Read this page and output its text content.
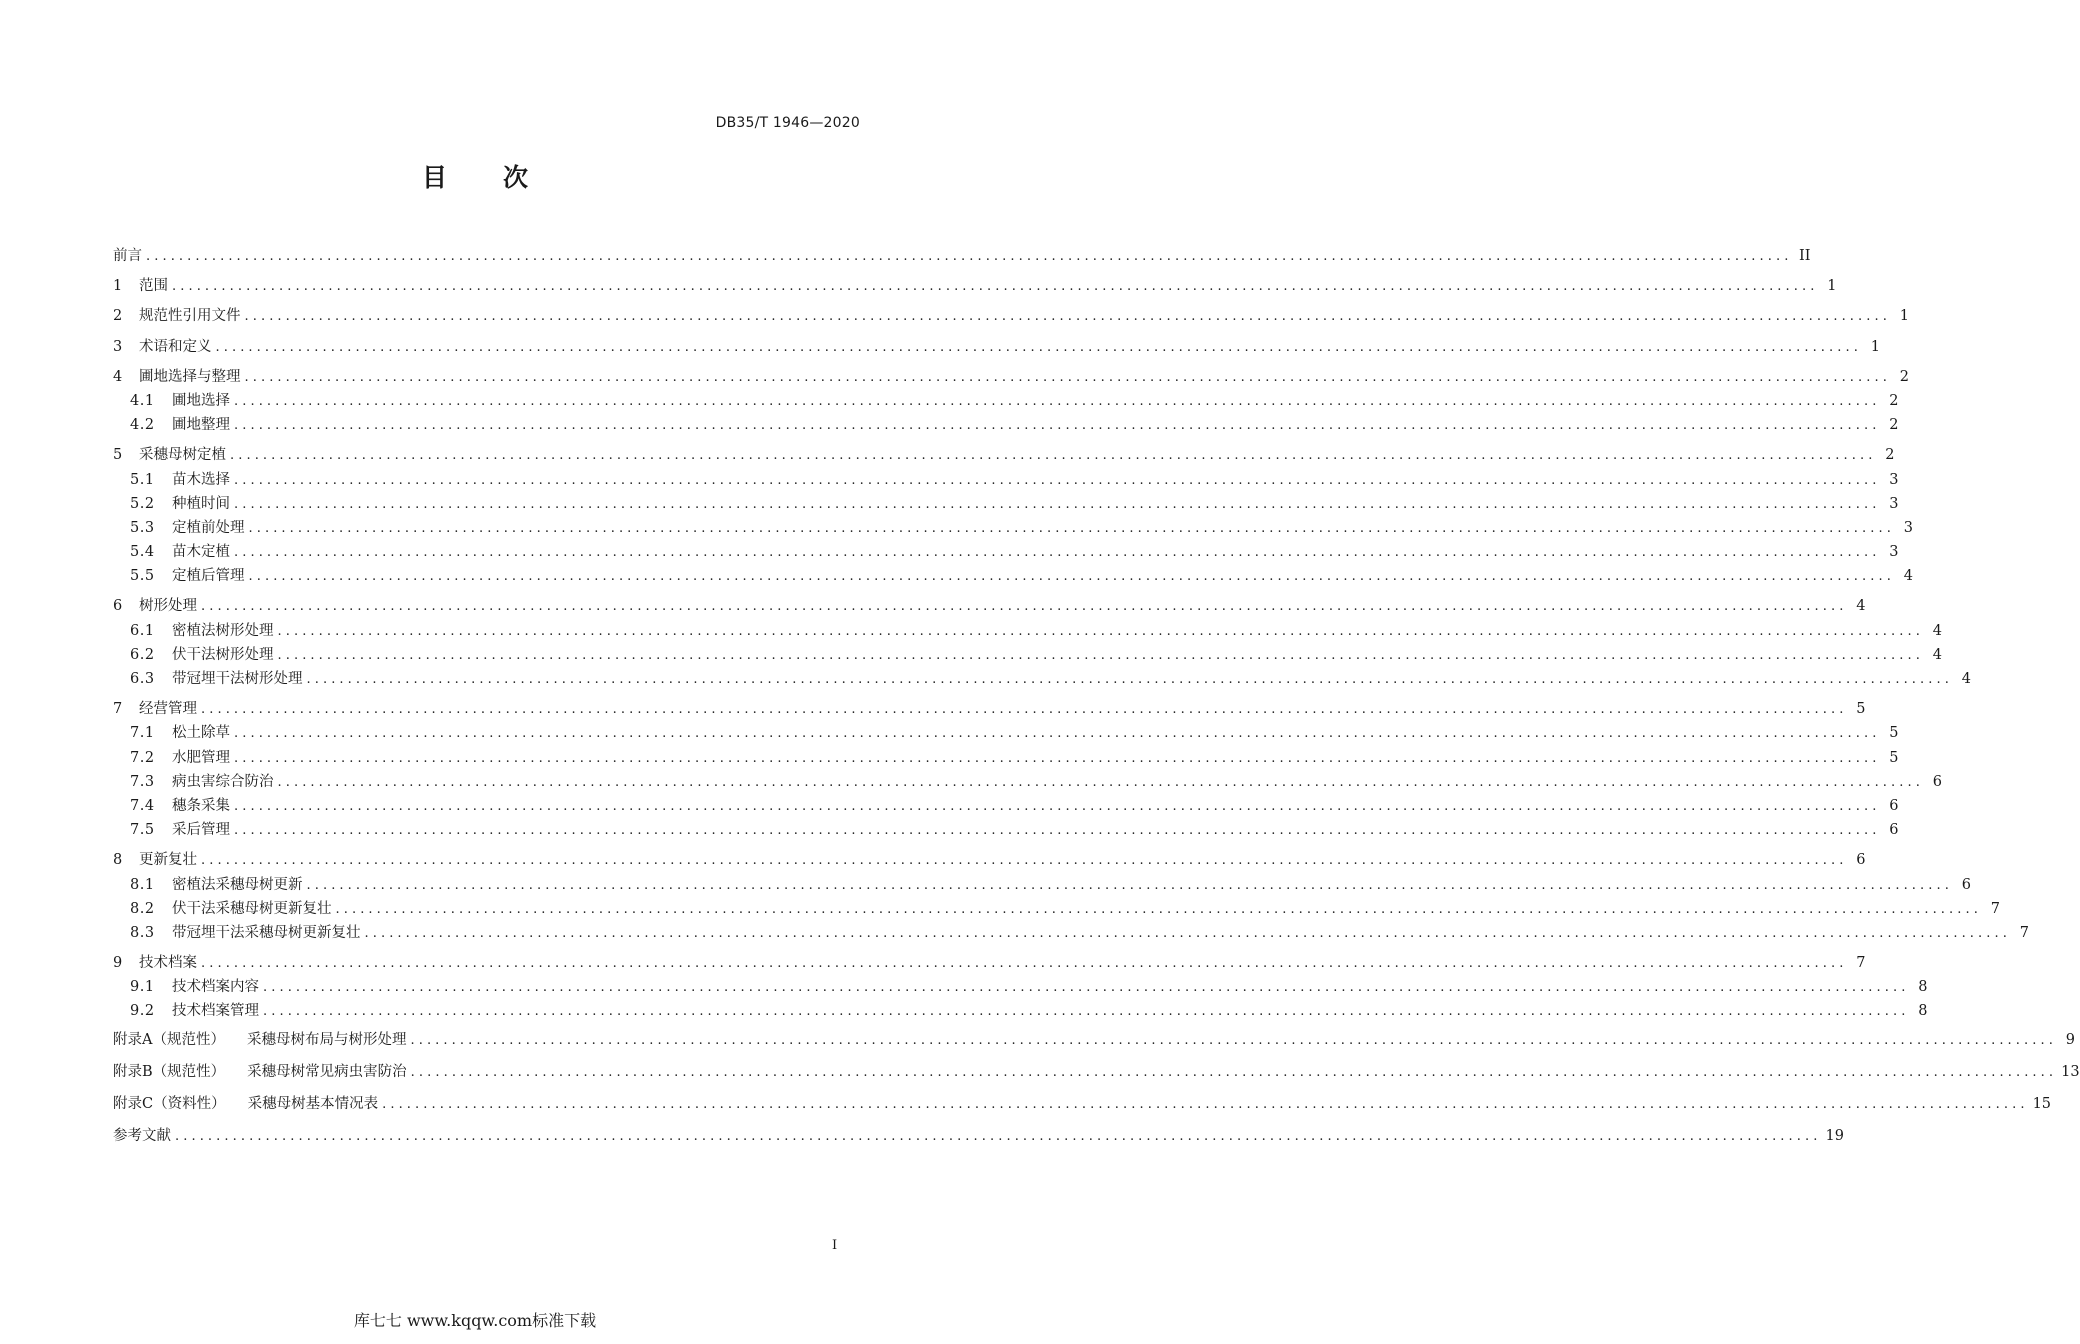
DB35/T 1946—2020
目 次
前言 ........................................................................................................................................................................................................ II
1	范围 ........................................................................................................................................................................................................ 1
2	规范性引用文件 ........................................................................................................................................................................................................ 1
3	术语和定义 ........................................................................................................................................................................................................ 1
4	圃地选择与整理 ........................................................................................................................................................................................................ 2
4.1	圃地选择 ........................................................................................................................................................................................................ 2
4.2	圃地整理 ........................................................................................................................................................................................................ 2
5	采穗母树定植 ........................................................................................................................................................................................................ 2
5.1	苗木选择 ........................................................................................................................................................................................................ 3
5.2	种植时间 ........................................................................................................................................................................................................ 3
5.3	定植前处理 ........................................................................................................................................................................................................ 3
5.4	苗木定植 ........................................................................................................................................................................................................ 3
5.5	定植后管理 ........................................................................................................................................................................................................ 4
6	树形处理 ........................................................................................................................................................................................................ 4
6.1	密植法树形处理 ........................................................................................................................................................................................................ 4
6.2	伏干法树形处理 ........................................................................................................................................................................................................ 4
6.3	带冠埋干法树形处理 ........................................................................................................................................................................................................ 4
7	经营管理 ........................................................................................................................................................................................................ 5
7.1	松土除草 ........................................................................................................................................................................................................ 5
7.2	水肥管理 ........................................................................................................................................................................................................ 5
7.3	病虫害综合防治 ........................................................................................................................................................................................................ 6
7.4	穗条采集 ........................................................................................................................................................................................................ 6
7.5	采后管理 ........................................................................................................................................................................................................ 6
8	更新复壮 ........................................................................................................................................................................................................ 6
8.1	密植法采穗母树更新 ........................................................................................................................................................................................................ 6
8.2	伏干法采穗母树更新复壮 ........................................................................................................................................................................................................ 7
8.3	带冠埋干法采穗母树更新复壮 ........................................................................................................................................................................................................ 7
9	技术档案 ........................................................................................................................................................................................................ 7
9.1	技术档案内容 ........................................................................................................................................................................................................ 8
9.2	技术档案管理 ........................................................................................................................................................................................................ 8
附录A（规范性）	采穗母树布局与树形处理 ........................................................................................................................................................................................................ 9
附录B（规范性）	采穗母树常见病虫害防治 ........................................................................................................................................................................................................ 13
附录C（资料性）	采穗母树基本情况表 ........................................................................................................................................................................................................ 15
参考文献 ........................................................................................................................................................................................................ 19
I
库七七 www.kqqw.com标准下载
